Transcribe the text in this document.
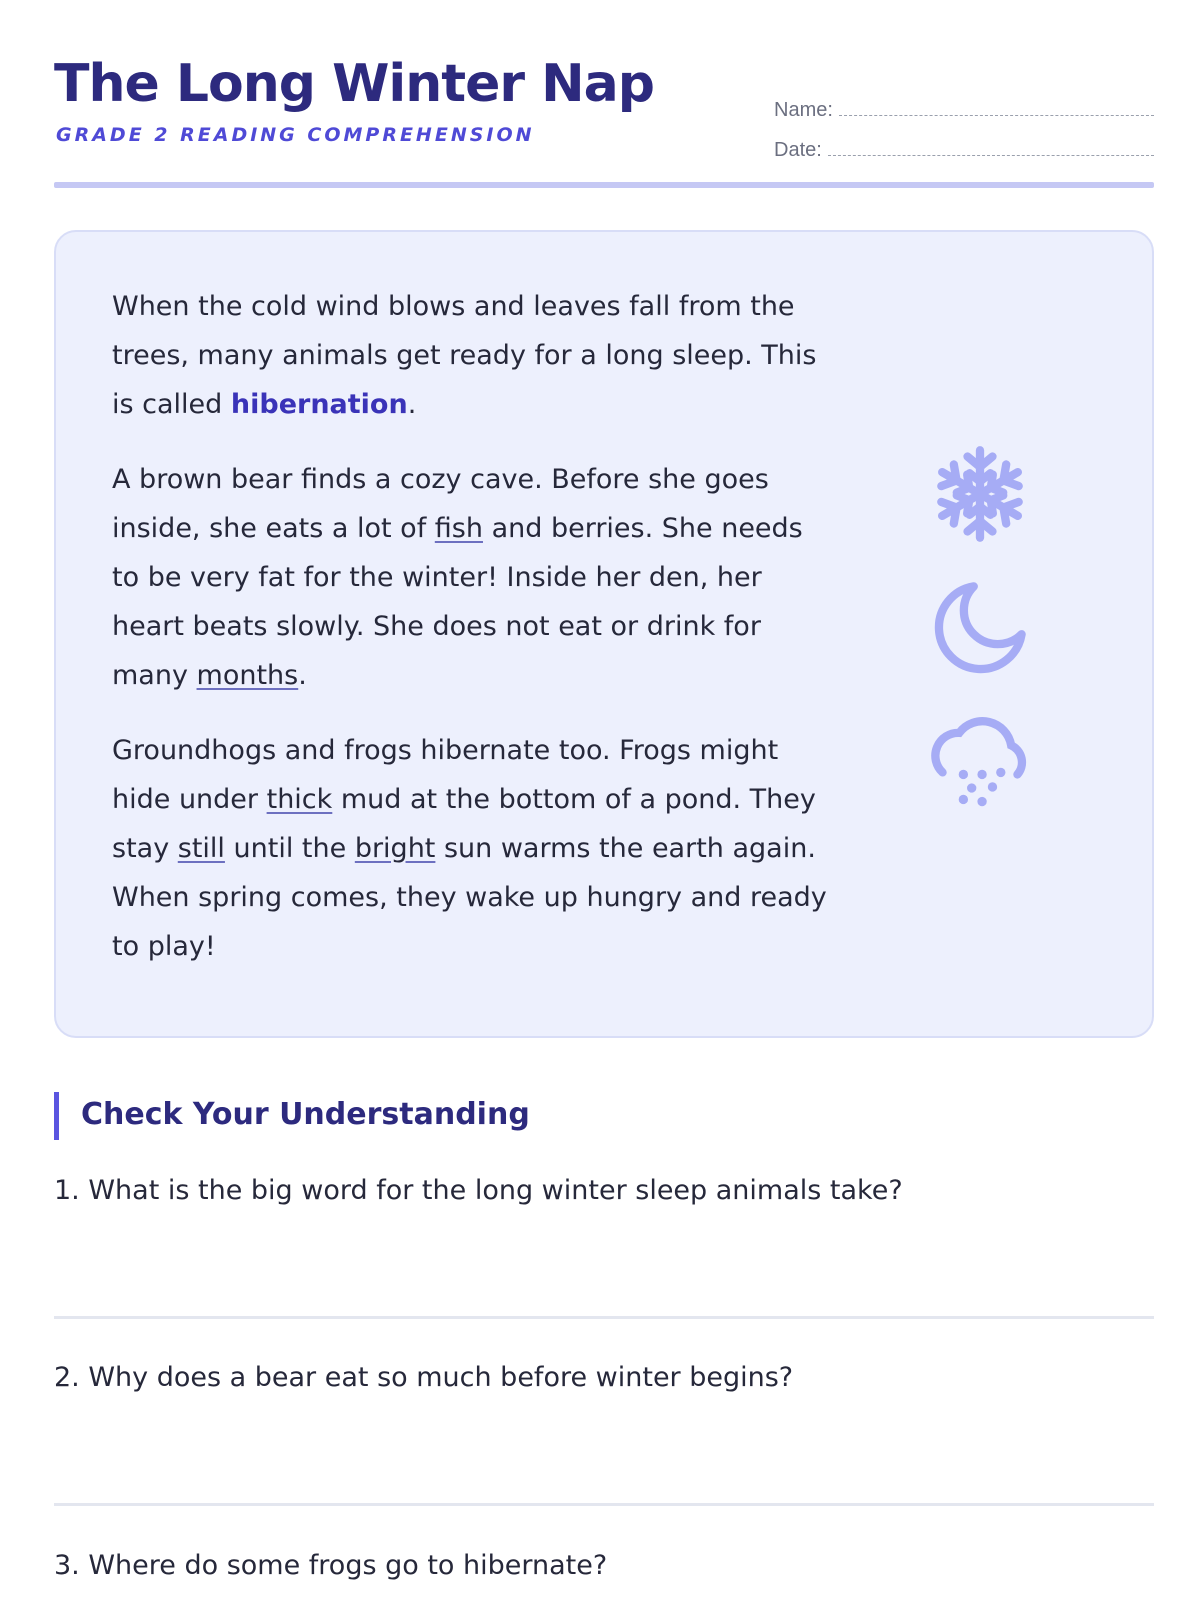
The Long Winter Nap
GRADE 2 READING COMPREHENSION
Name:
Date:

When the cold wind blows and leaves fall from the trees, many animals get ready for a long sleep. This is called hibernation.

A brown bear finds a cozy cave. Before she goes inside, she eats a lot of fish and berries. She needs to be very fat for the winter! Inside her den, her heart beats slowly. She does not eat or drink for many months.

Groundhogs and frogs hibernate too. Frogs might hide under thick mud at the bottom of a pond. They stay still until the bright sun warms the earth again. When spring comes, they wake up hungry and ready to play!

Check Your Understanding
1. What is the big word for the long winter sleep animals take?
2. Why does a bear eat so much before winter begins?
3. Where do some frogs go to hibernate?
